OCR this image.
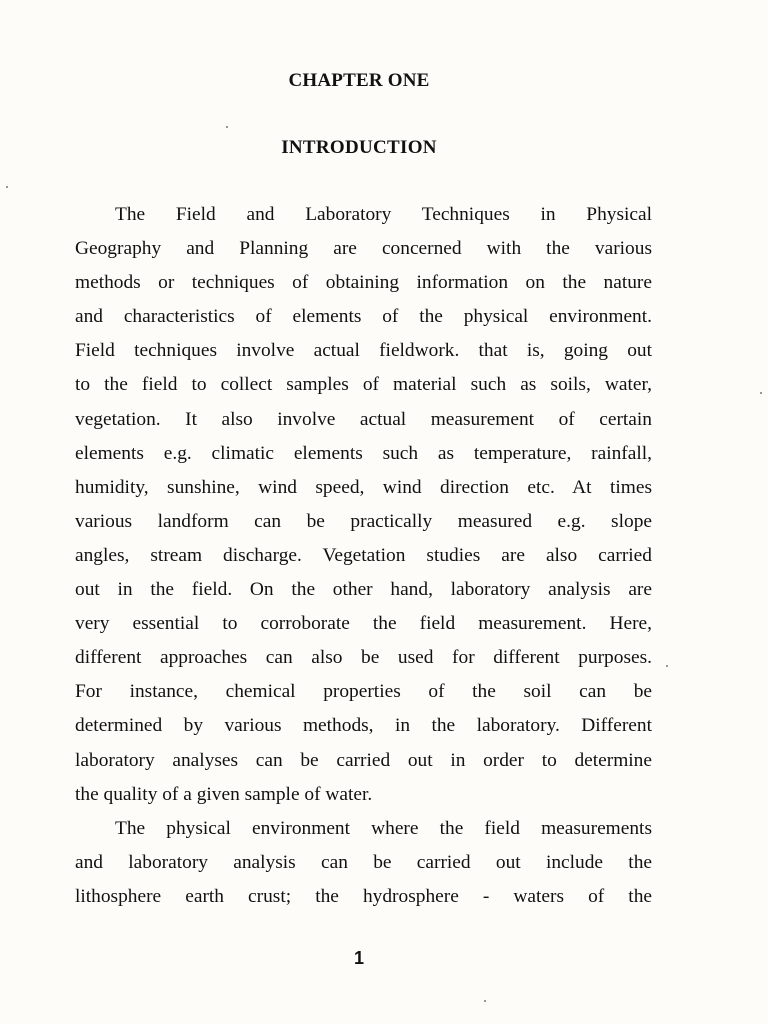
CHAPTER ONE
INTRODUCTION
The Field and Laboratory Techniques in Physical
Geography and Planning are concerned with the various
methods or techniques of obtaining information on the nature
and characteristics of elements of the physical environment.
Field techniques involve actual fieldwork. that is, going out
to the field to collect samples of material such as soils, water,
vegetation. It also involve actual measurement of certain
elements e.g. climatic elements such as temperature, rainfall,
humidity, sunshine, wind speed, wind direction etc. At times
various landform can be practically measured e.g. slope
angles, stream discharge. Vegetation studies are also carried
out in the field. On the other hand, laboratory analysis are
very essential to corroborate the field measurement. Here,
different approaches can also be used for different purposes.
For instance, chemical properties of the soil can be
determined by various methods, in the laboratory. Different
laboratory analyses can be carried out in order to determine
the quality of a given sample of water.
The physical environment where the field measurements
and laboratory analysis can be carried out include the
lithosphere earth crust; the hydrosphere - waters of the
1
